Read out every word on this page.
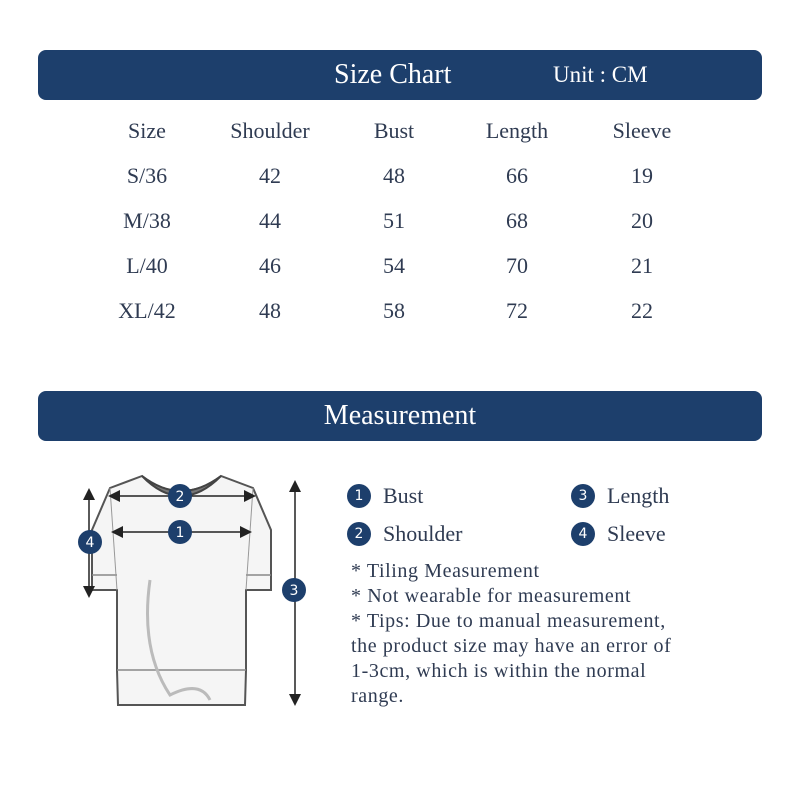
Size Chart	Unit : CM
Size	Shoulder	Bust	Length	Sleeve
S/36	42	48	66	19
M/38	44	51	68	20
L/40	46	54	70	21
XL/42	48	58	72	22
Measurement
2
1
4
3
1 Bust
2 Shoulder
3 Length
4 Sleeve
* Tiling Measurement
* Not wearable for measurement
* Tips: Due to manual measurement,
the product size may have an error of
1-3cm, which is within the normal
range.
